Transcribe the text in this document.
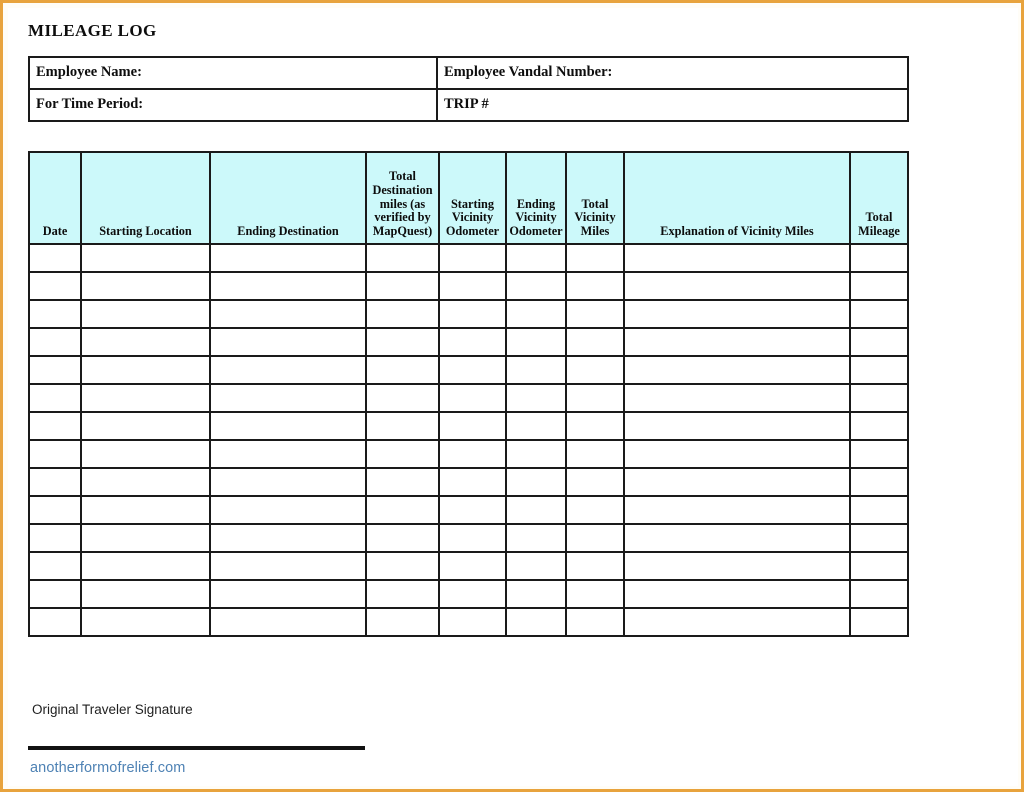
MILEAGE LOG
Employee Name:	Employee Vandal Number:
For Time Period:	TRIP #
Date	Starting Location	Ending Destination	Total Destination miles (as verified by MapQuest)	Starting Vicinity Odometer	Ending Vicinity Odometer	Total Vicinity Miles	Explanation of Vicinity Miles	Total Mileage

Original Traveler Signature
anotherformofrelief.com
